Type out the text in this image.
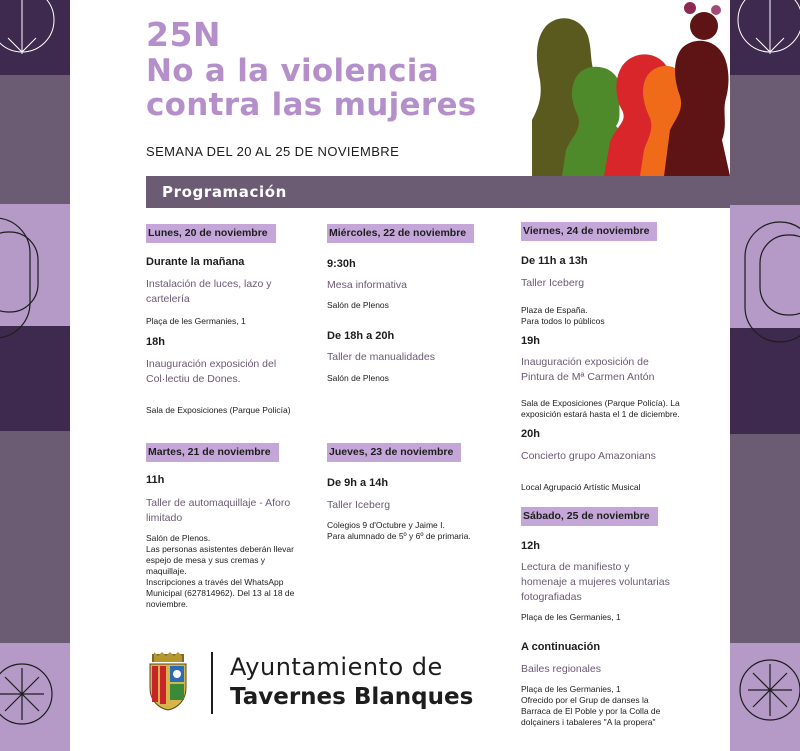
25N
No a la violencia
contra las mujeres
SEMANA DEL 20 AL 25 DE NOVIEMBRE
Programación
Lunes, 20 de noviembre
Durante la mañana
Instalación de luces, lazo y
cartelería
Plaça de les Germanies, 1
18h
Inauguración exposición del
Col·lectiu de Dones.
Sala de Exposiciones (Parque Policía)
Martes, 21 de noviembre
11h
Taller de automaquillaje - Aforo
limitado
Salón de Plenos.
Las personas asistentes deberán llevar
espejo de mesa y sus cremas y
maquillaje.
Inscripciones a través del WhatsApp
Municipal (627814962). Del 13 al 18 de
noviembre.
Miércoles, 22 de noviembre
9:30h
Mesa informativa
Salón de Plenos
De 18h a 20h
Taller de manualidades
Salón de Plenos
Jueves, 23 de noviembre
De 9h a 14h
Taller Iceberg
Colegios 9 d'Octubre y Jaime I.
Para alumnado de 5º y 6º de primaria.
Viernes, 24 de noviembre
De 11h a 13h
Taller Iceberg
Plaza de España.
Para todos lo públicos
19h
Inauguración exposición de
Pintura de Mª Carmen Antón
Sala de Exposiciones (Parque Policía). La
exposición estará hasta el 1 de diciembre.
20h
Concierto grupo Amazonians
Local Agrupació Artístic Musical
Sábado, 25 de noviembre
12h
Lectura de manifiesto y
homenaje a mujeres voluntarias
fotografiadas
Plaça de les Germanies, 1
A continuación
Bailes regionales
Plaça de les Germanies, 1
Ofrecido por el Grup de danses la
Barraca de El Poble y por la Colla de
dolçainers i tabaleres "A la propera"
Ayuntamiento de
Tavernes Blanques
